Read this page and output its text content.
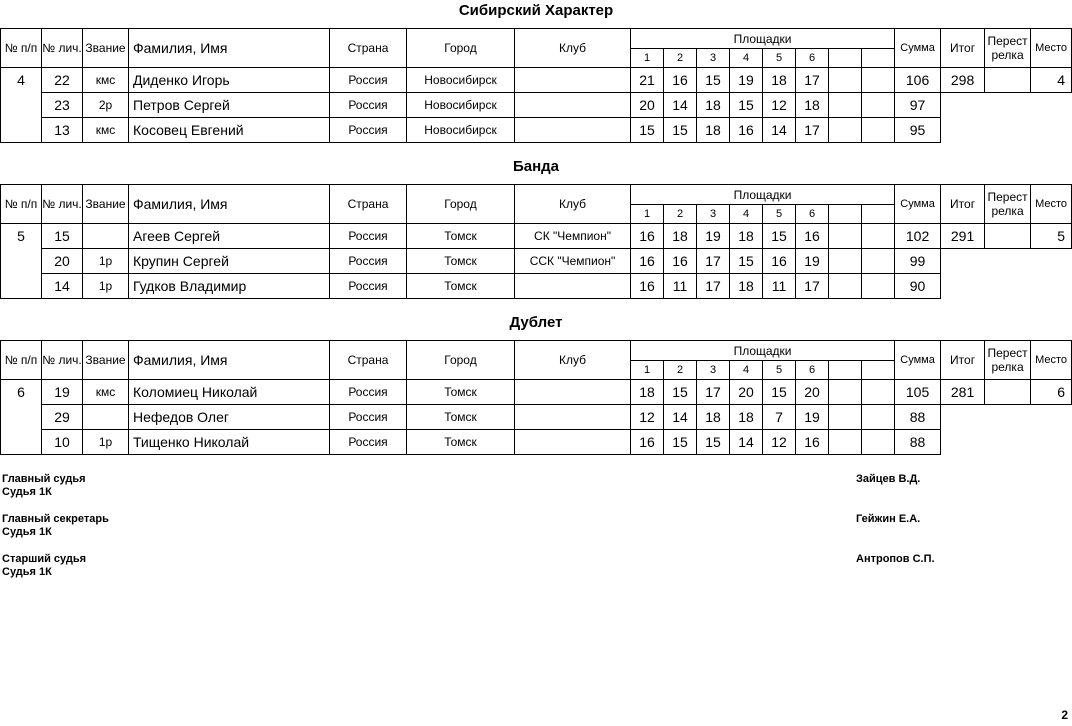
Сибирский Характер
№ п/п	№ лич.	Звание	Фамилия, Имя	Страна	Город	Клуб	Площадки								Сумма	Итог	Перест релка	Место	
							1	2	3	4	5	6							
4	22	кмс	Диденко Игорь	Россия	Новосибирск		21	16	15	19	18	17			106	298		4	
	23	2р	Петров Сергей	Россия	Новосибирск		20	14	18	15	12	18			97				
	13	кмс	Косовец Евгений	Россия	Новосибирск		15	15	18	16	14	17			95				
Банда
№ п/п	№ лич.	Звание	Фамилия, Имя	Страна	Город	Клуб	Площадки								Сумма	Итог	Перест релка	Место	
							1	2	3	4	5	6							
5	15		Агеев Сергей	Россия	Томск	СК "Чемпион"	16	18	19	18	15	16			102	291		5	
	20	1р	Крупин Сергей	Россия	Томск	ССК "Чемпион"	16	16	17	15	16	19			99				
	14	1р	Гудков Владимир	Россия	Томск		16	11	17	18	11	17			90				
Дублет
№ п/п	№ лич.	Звание	Фамилия, Имя	Страна	Город	Клуб	Площадки								Сумма	Итог	Перест релка	Место	
							1	2	3	4	5	6							
6	19	кмс	Коломиец Николай	Россия	Томск		18	15	17	20	15	20			105	281		6	
	29		Нефедов Олег	Россия	Томск		12	14	18	18	7	19			88				
	10	1р	Тищенко Николай	Россия	Томск		16	15	15	14	12	16			88				
Главный судья
Судья 1К
Зайцев В.Д.
Главный секретарь
Судья 1К
Гейжин Е.А.
Старший судья
Судья 1К
Антропов С.П.
2
